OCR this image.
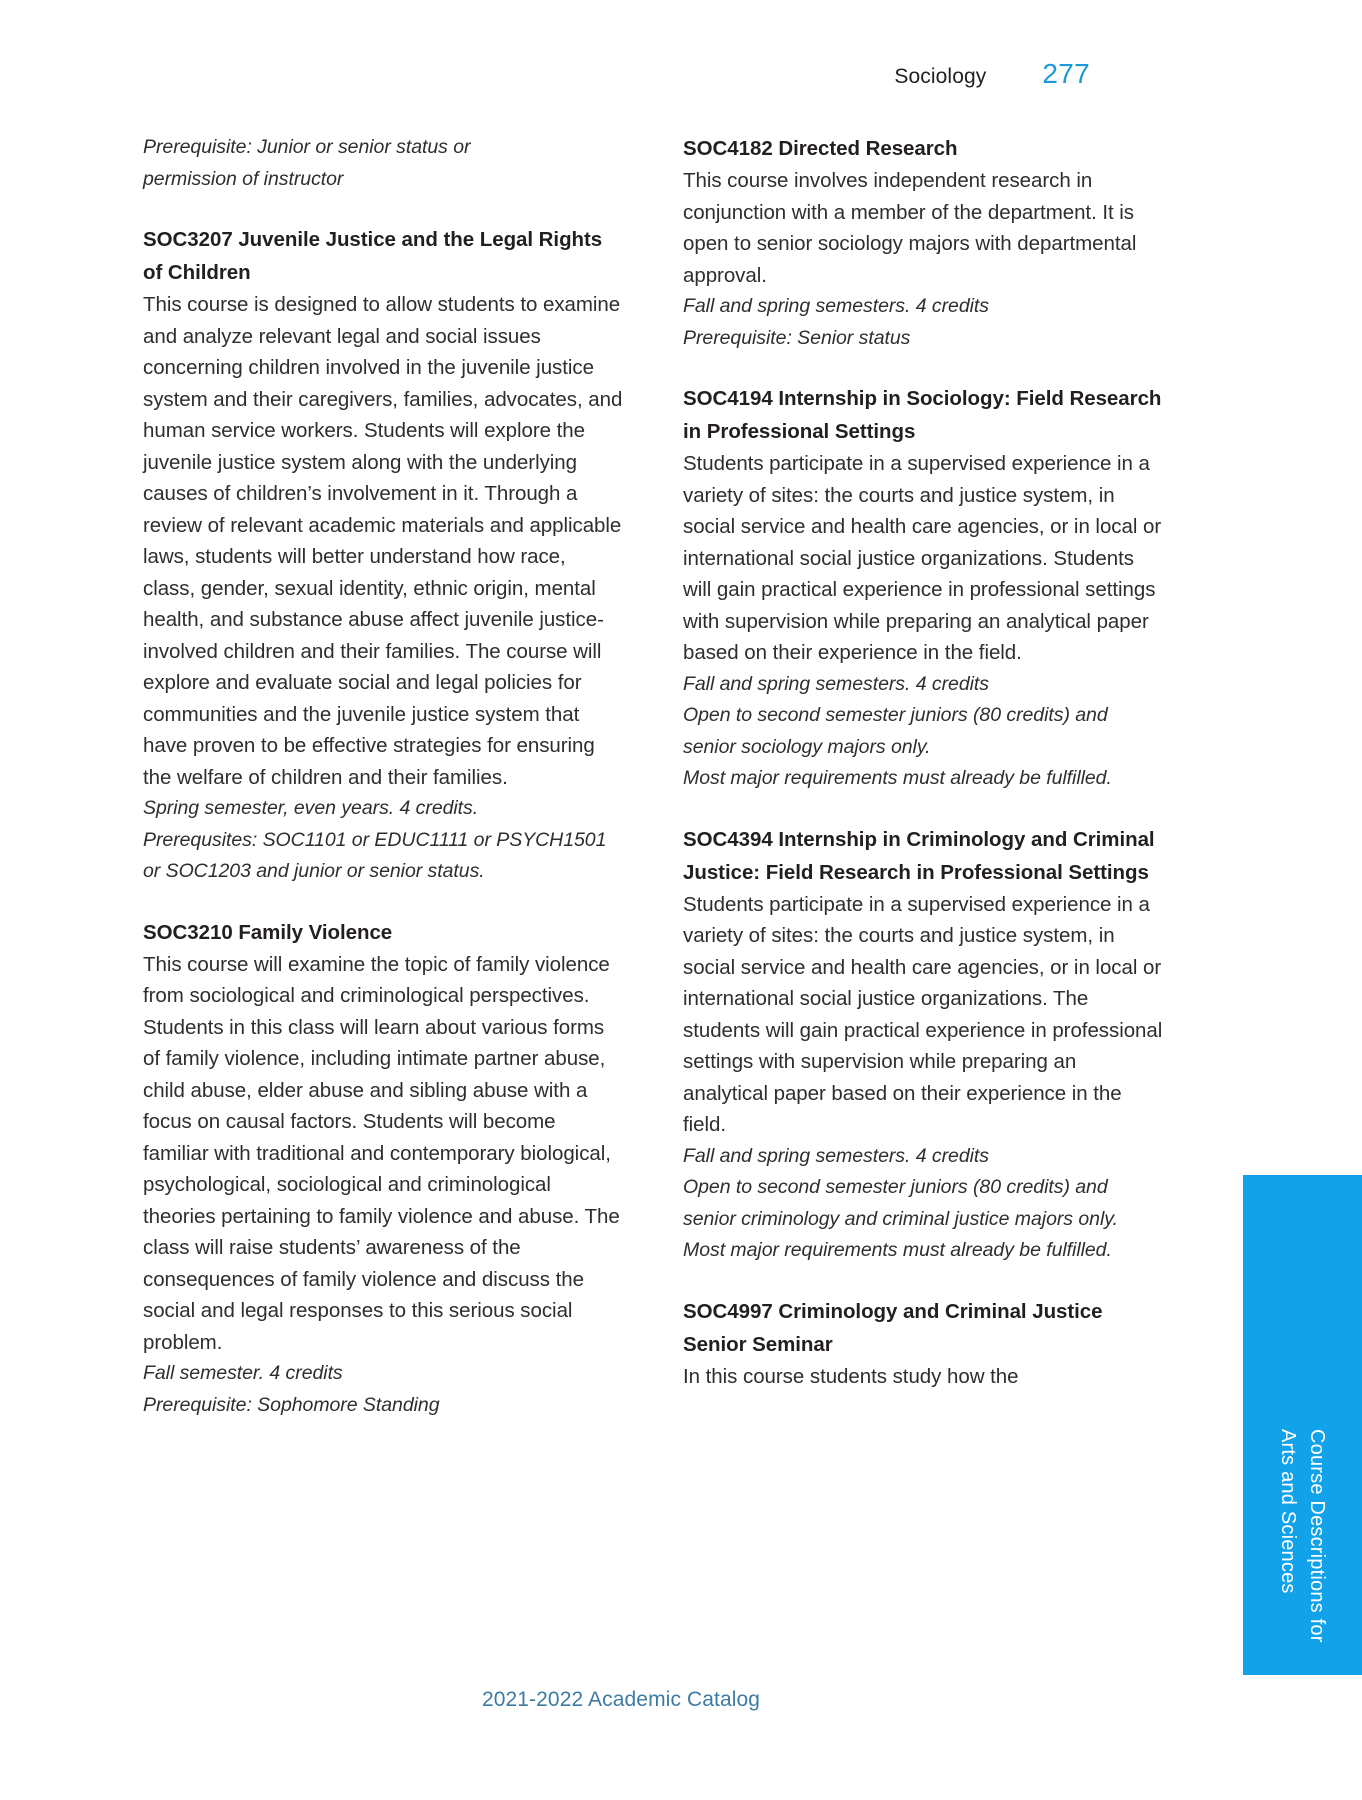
Sociology 277

Prerequisite: Junior or senior status or

permission of instructor

SOC3207 Juvenile Justice and the Legal Rights of Children

This course is designed to allow students to examine and analyze relevant legal and social issues concerning children involved in the juvenile justice system and their caregivers, families, advocates, and human service workers. Students will explore the juvenile justice system along with the underlying causes of children’s involvement in it. Through a review of relevant academic materials and applicable laws, students will better understand how race, class, gender, sexual identity, ethnic origin, mental health, and substance abuse affect juvenile justice-involved children and their families. The course will explore and evaluate social and legal policies for communities and the juvenile justice system that have proven to be effective strategies for ensuring the welfare of children and their families.

Spring semester, even years. 4 credits.

Prerequsites: SOC1101 or EDUC1111 or PSYCH1501 or SOC1203 and junior or senior status.

SOC3210 Family Violence

This course will examine the topic of family violence from sociological and criminological perspectives. Students in this class will learn about various forms of family violence, including intimate partner abuse, child abuse, elder abuse and sibling abuse with a focus on causal factors. Students will become familiar with traditional and contemporary biological, psychological, sociological and criminological theories pertaining to family violence and abuse. The class will raise students’ awareness of the consequences of family violence and discuss the social and legal responses to this serious social problem.

Fall semester. 4 credits

Prerequisite: Sophomore Standing

SOC4182 Directed Research

This course involves independent research in conjunction with a member of the department. It is open to senior sociology majors with departmental approval.

Fall and spring semesters. 4 credits

Prerequisite: Senior status

SOC4194 Internship in Sociology: Field Research in Professional Settings

Students participate in a supervised experience in a variety of sites: the courts and justice system, in social service and health care agencies, or in local or international social justice organizations. Students will gain practical experience in professional settings with supervision while preparing an analytical paper based on their experience in the field.

Fall and spring semesters. 4 credits

Open to second semester juniors (80 credits) and senior sociology majors only.

Most major requirements must already be fulfilled.

SOC4394 Internship in Criminology and Criminal Justice: Field Research in Professional Settings

Students participate in a supervised experience in a variety of sites: the courts and justice system, in social service and health care agencies, or in local or international social justice organizations. The students will gain practical experience in professional settings with supervision while preparing an analytical paper based on their experience in the field.

Fall and spring semesters. 4 credits

Open to second semester juniors (80 credits) and senior criminology and criminal justice majors only.

Most major requirements must already be fulfilled.

SOC4997 Criminology and Criminal Justice Senior Seminar

In this course students study how the

Course Descriptions for
Arts and Sciences
2021-2022 Academic Catalog
